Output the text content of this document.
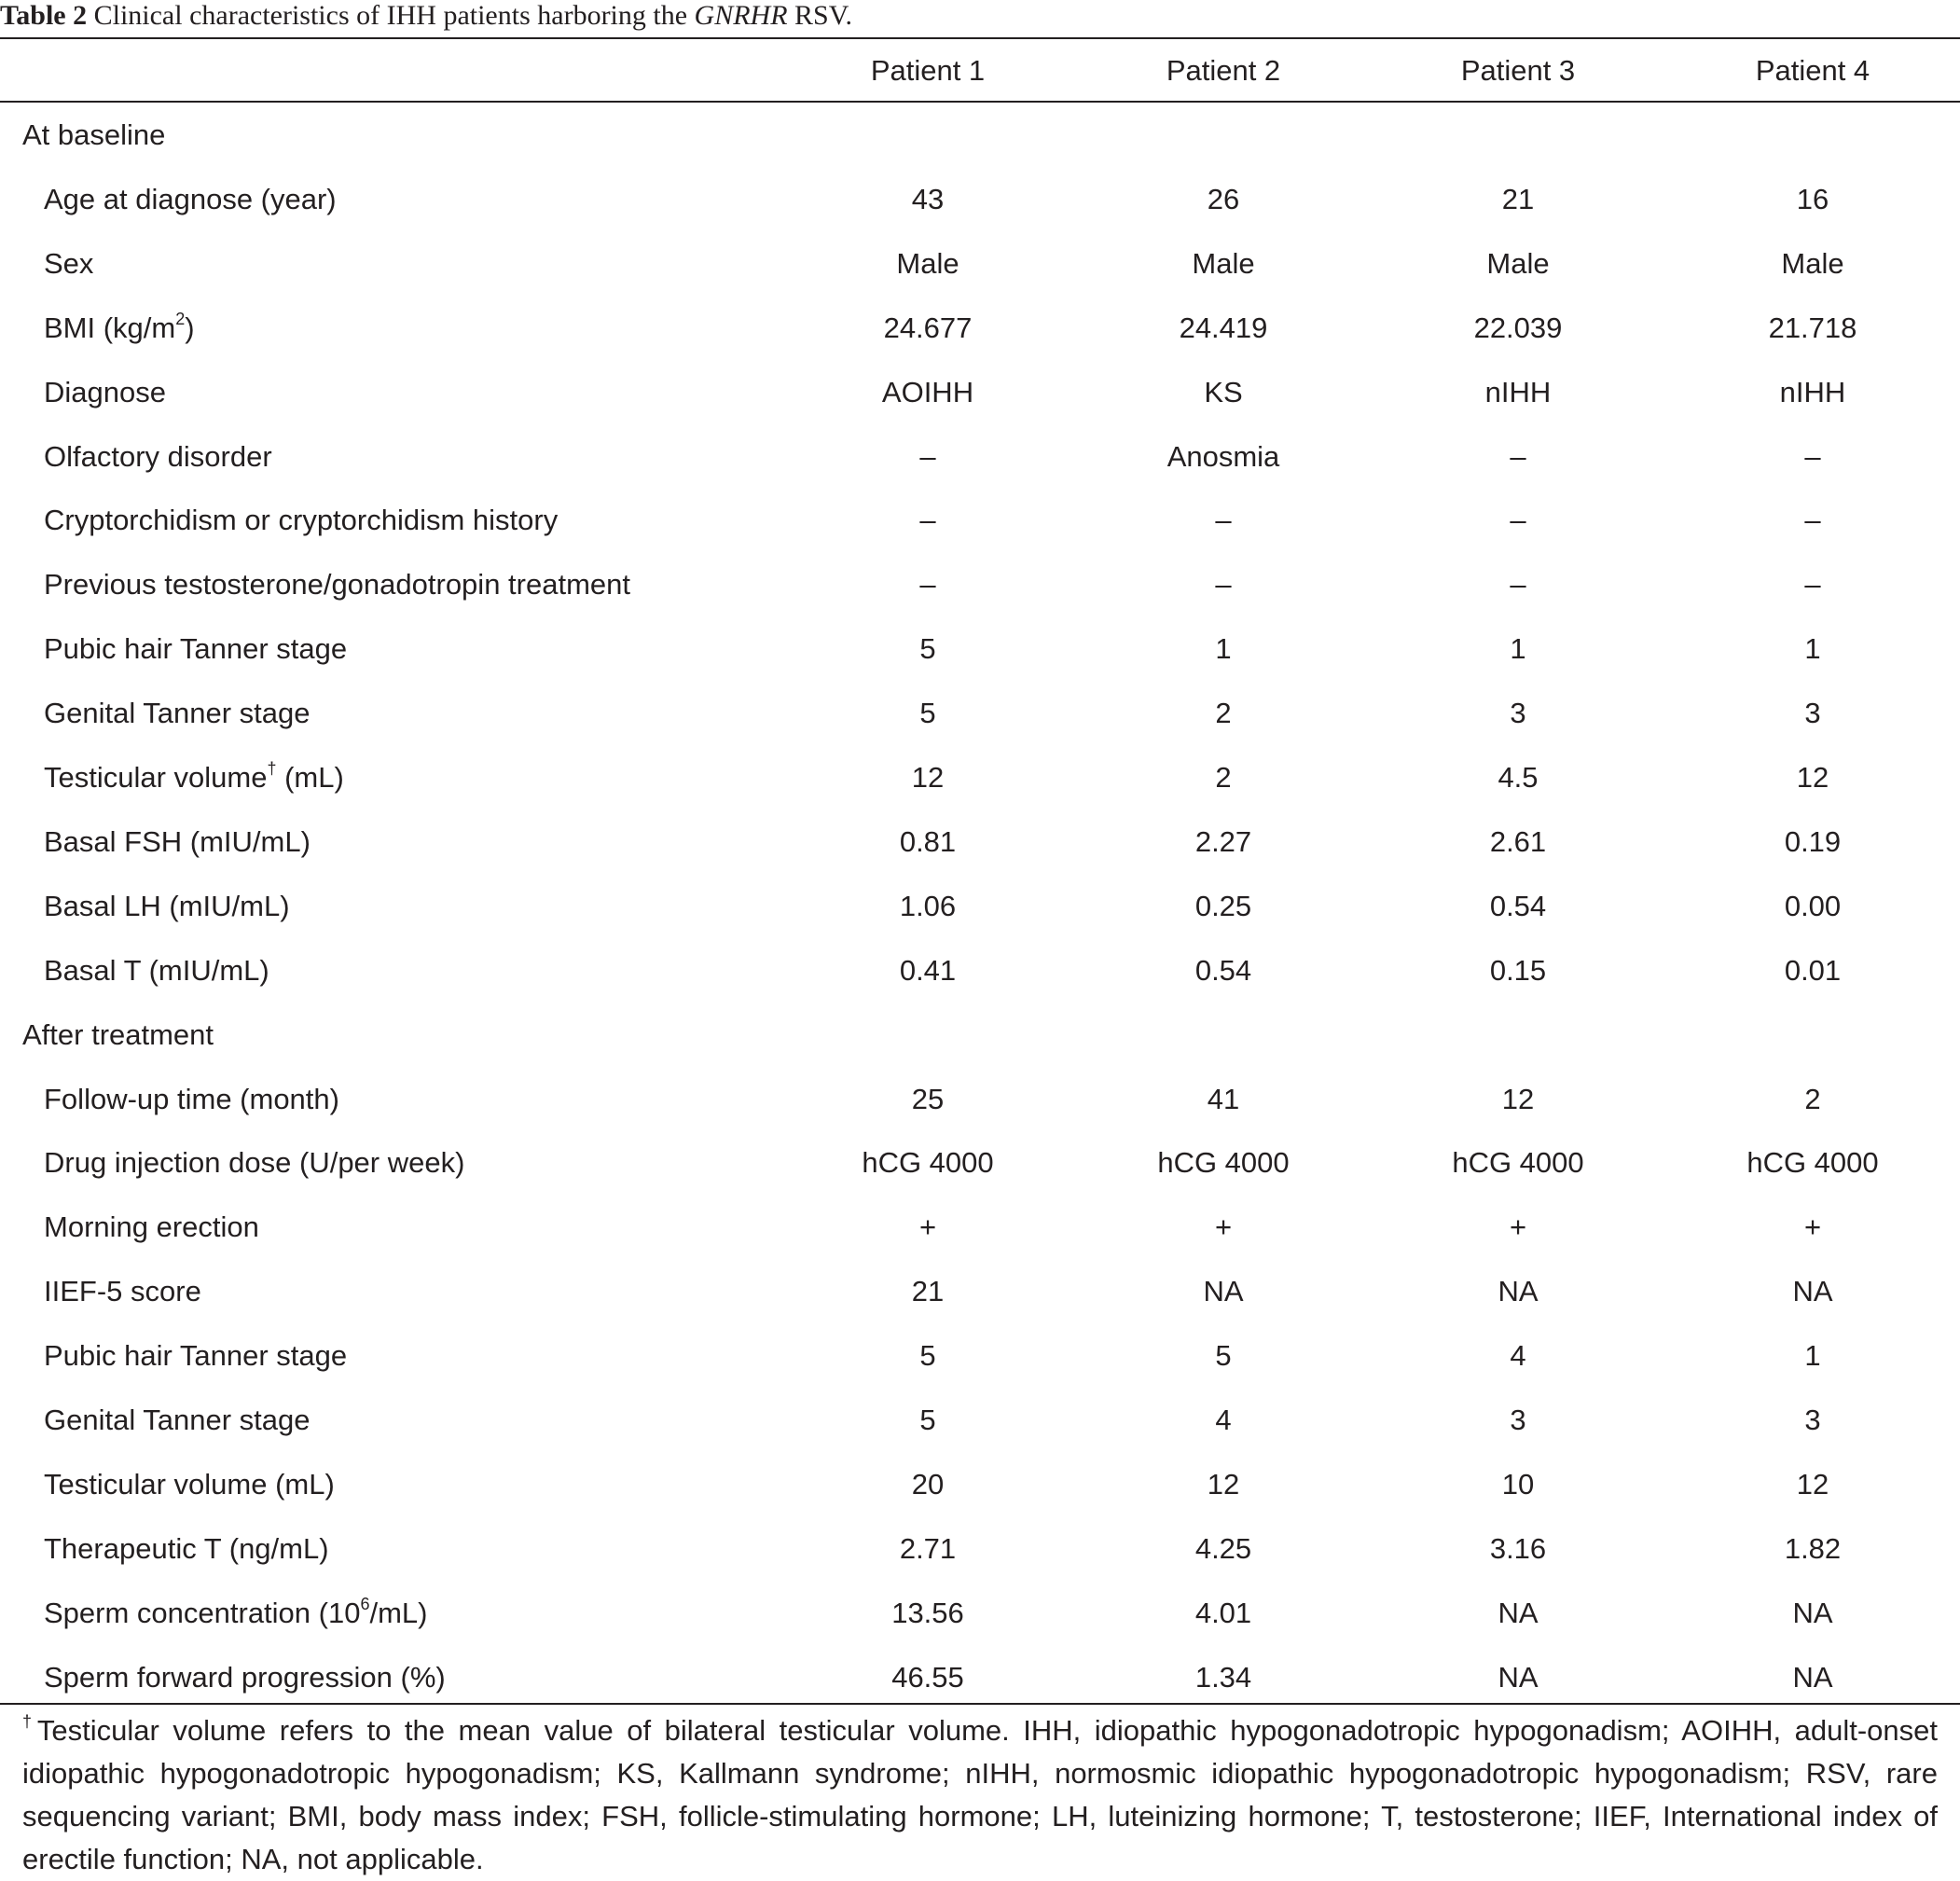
Table 2 Clinical characteristics of IHH patients harboring the GNRHR RSV.
Patient 1	Patient 2	Patient 3	Patient 4
At baseline
Age at diagnose (year)	43	26	21	16
Sex	Male	Male	Male	Male
BMI $(kg/m^2)$	24.677	24.419	22.039	21.718
Diagnose	AOIHH	KS	nIHH	nIHH
Olfactory disorder	–	Anosmia	–	–
Cryptorchidism or cryptorchidism history	–	–	–	–
Previous testosterone/gonadotropin treatment	–	–	–	–
Pubic hair Tanner stage	5	1	1	1
Genital Tanner stage	5	2	3	3
Testicular volume† (mL)	12	2	4.5	12
Basal FSH (mIU/mL)	0.81	2.27	2.61	0.19
Basal LH (mIU/mL)	1.06	0.25	0.54	0.00
Basal T (mIU/mL)	0.41	0.54	0.15	0.01
After treatment
Follow-up time (month)	25	41	12	2
Drug injection dose (U/per week)	hCG 4000	hCG 4000	hCG 4000	hCG 4000
Morning erection	+	+	+	+
IIEF-5 score	21	NA	NA	NA
Pubic hair Tanner stage	5	5	4	1
Genital Tanner stage	5	4	3	3
Testicular volume (mL)	20	12	10	12
Therapeutic T (ng/mL)	2.71	4.25	3.16	1.82
Sperm concentration $(10^6/mL)$	13.56	4.01	NA	NA
Sperm forward progression (%)	46.55	1.34	NA	NA
†Testicular volume refers to the mean value of bilateral testicular volume. IHH, idiopathic hypogonadotropic hypogonadism; AOIHH, adult-onset idiopathic hypogonadotropic hypogonadism; KS, Kallmann syndrome; nIHH, normosmic idiopathic hypogonadotropic hypogonadism; RSV, rare sequencing variant; BMI, body mass index; FSH, follicle-stimulating hormone; LH, luteinizing hormone; T, testosterone; IIEF, International index of erectile function; NA, not applicable.
